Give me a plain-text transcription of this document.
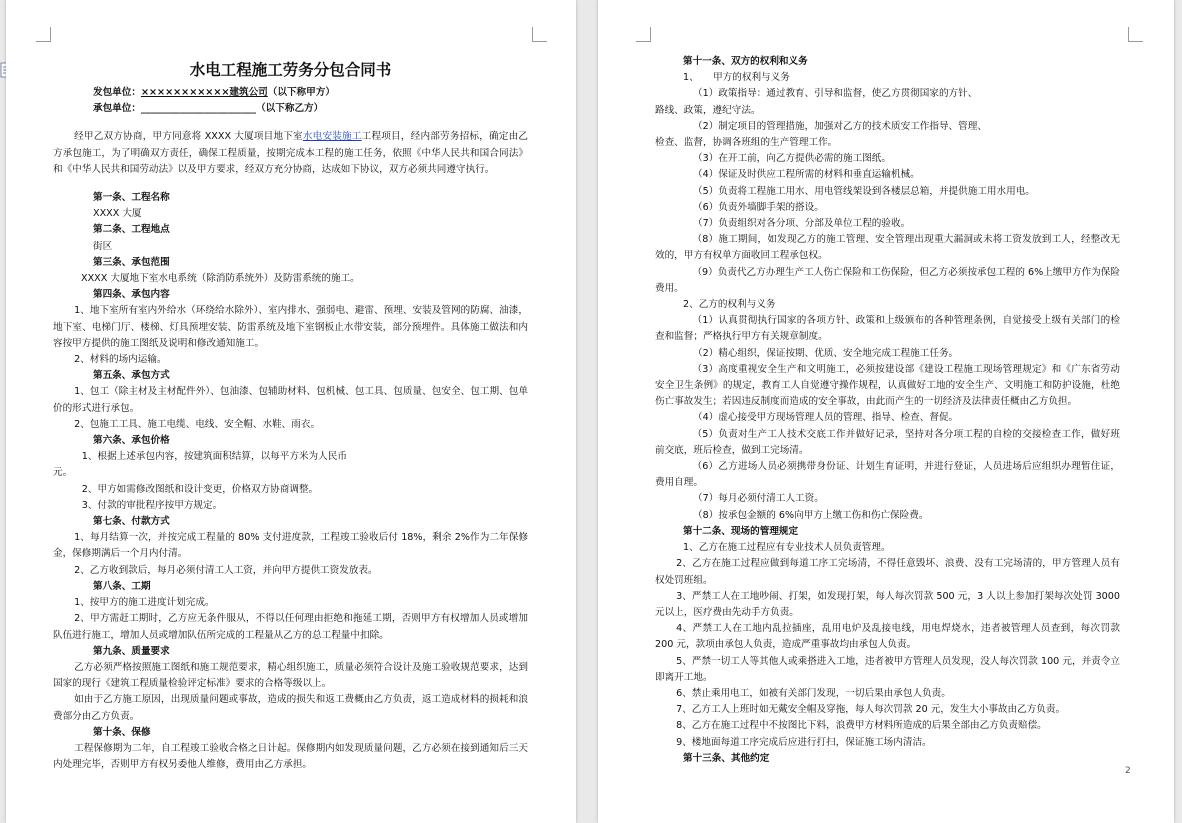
水电工程施工劳务分包合同书
发包单位：×××××××××××建筑公司（以下称甲方）
承包单位：________________________（以下称乙方）
经甲乙双方协商，甲方同意将 XXXX 大厦项目地下室水电安装施工工程项目，经内部劳务招标，确定由乙方承包施工，为了明确双方责任，确保工程质量，按期完成本工程的施工任务，依照《中华人民共和国合同法》和《中华人民共和国劳动法》以及甲方要求，经双方充分协商，达成如下协议，双方必须共同遵守执行。
第一条、工程名称
XXXX 大厦
第二条、工程地点
街区
第三条、承包范围
XXXX 大厦地下室水电系统（除消防系统外）及防雷系统的施工。
第四条、承包内容
1、地下室所有室内外给水（环绕给水除外）、室内排水、强弱电、避雷、预埋、安装及管网的防腐、油漆，地下室、电梯门厅、楼梯、灯具预埋安装、防雷系统及地下室钢板止水带安装，部分预埋件。具体施工做法和内容按甲方提供的施工图纸及说明和修改通知施工。
2、材料的场内运输。
第五条、承包方式
1、包工（除主材及主材配件外）、包油漆、包辅助材料、包机械、包工具、包质量、包安全、包工期、包单价的形式进行承包。
2、包施工工具、施工电缆、电线、安全帽、水鞋、雨衣。
第六条、承包价格
1、根据上述承包内容，按建筑面积结算，以每平方米为人民币
元。
2、甲方如需修改图纸和设计变更，价格双方协商调整。
3、付款的审批程序按甲方规定。
第七条、付款方式
1、每月结算一次，并按完成工程量的 80% 支付进度款，工程竣工验收后付 18%，剩余 2%作为二年保修金，保修期满后一个月内付清。
2、乙方收到款后，每月必须付清工人工资，并向甲方提供工资发放表。
第八条、工期
1、按甲方的施工进度计划完成。
2、甲方需赶工期时，乙方应无条件服从，不得以任何理由拒绝和拖延工期，否则甲方有权增加人员或增加队伍进行施工，增加人员或增加队伍所完成的工程量从乙方的总工程量中扣除。
第九条、质量要求
乙方必须严格按照施工图纸和施工规范要求，精心组织施工，质量必须符合设计及施工验收规范要求，达到国家的现行《建筑工程质量检验评定标准》要求的合格等级以上。
如由于乙方施工原因，出现质量问题或事故，造成的损失和返工费概由乙方负责，返工造成材料的损耗和浪费部分由乙方负责。
第十条、保修
工程保修期为二年，自工程竣工验收合格之日计起。保修期内如发现质量问题，乙方必须在接到通知后三天内处理完毕，否则甲方有权另委他人维修，费用由乙方承担。
第十一条、双方的权利和义务
1、　　甲方的权利与义务
（1）政策指导：通过教育、引导和监督，使乙方贯彻国家的方针、
路线、政策，遵纪守法。
（2）制定项目的管理措施，加强对乙方的技术质安工作指导、管理、
检查、监督，协调各班组的生产管理工作。
（3）在开工前，向乙方提供必需的施工图纸。
（4）保证及时供应工程所需的材料和垂直运输机械。
（5）负责将工程施工用水、用电管线架设到各楼层总箱，并提供施工用水用电。
（6）负责外墙脚手架的搭设。
（7）负责组织对各分项、分部及单位工程的验收。
（8）施工期间，如发现乙方的施工管理、安全管理出现重大漏洞或未将工资发放到工人，经整改无效的，甲方有权单方面收回工程承包权。
（9）负责代乙方办理生产工人伤亡保险和工伤保险，但乙方必须按承包工程的 6%上缴甲方作为保险费用。
2、乙方的权利与义务
（1）认真贯彻执行国家的各项方针、政策和上级颁布的各种管理条例，自觉接受上级有关部门的检查和监督；严格执行甲方有关规章制度。
（2）精心组织，保证按期、优质、安全地完成工程施工任务。
（3）高度重视安全生产和文明施工，必须按建设部《建设工程施工现场管理规定》和《广东省劳动安全卫生条例》的规定，教育工人自觉遵守操作规程，认真做好工地的安全生产、文明施工和防护设施，杜绝伤亡事故发生；若因违反制度而造成的安全事故，由此而产生的一切经济及法律责任概由乙方负担。
（4）虚心接受甲方现场管理人员的管理、指导、检查、督促。
（5）负责对生产工人技术交底工作并做好记录，坚持对各分项工程的自检的交接检查工作，做好班前交底，班后检查，做到工完场清。
（6）乙方进场人员必须携带身份证、计划生育证明，并进行登证，人员进场后应组织办理暂住证，费用自理。
（7）每月必须付清工人工资。
（8）按承包金额的 6%向甲方上缴工伤和伤亡保险费。
第十二条、现场的管理规定
1、乙方在施工过程应有专业技术人员负责管理。
2、乙方在施工过程应做到每道工序工完场清，不得任意毁坏、浪费、没有工完场清的，甲方管理人员有权处罚班组。
3、严禁工人在工地吵闹、打架，如发现打架，每人每次罚款 500 元，3 人以上参加打架每次处罚 3000 元以上，医疗费由先动手方负责。
4、严禁工人在工地内乱拉插座，乱用电炉及乱接电线，用电焊烧水，违者被管理人员查到，每次罚款 200 元，款项由承包人负责，造成严重事故均由承包人负责。
5、严禁一切工人等其他人或乘搭进入工地，违者被甲方管理人员发现，没人每次罚款 100 元，并责令立即离开工地。
6、禁止乘用电工，如被有关部门发现，一切后果由承包人负责。
7、乙方工人上班时如无戴安全帽及穿拖，每人每次罚款 20 元，发生大小事故由乙方负责。
8、乙方在施工过程中不按图比下料，浪费甲方材料所造成的后果全部由乙方负责赔偿。
9、楼地面每道工序完成后应进行打扫，保证施工场内清洁。
第十三条、其他约定
2
